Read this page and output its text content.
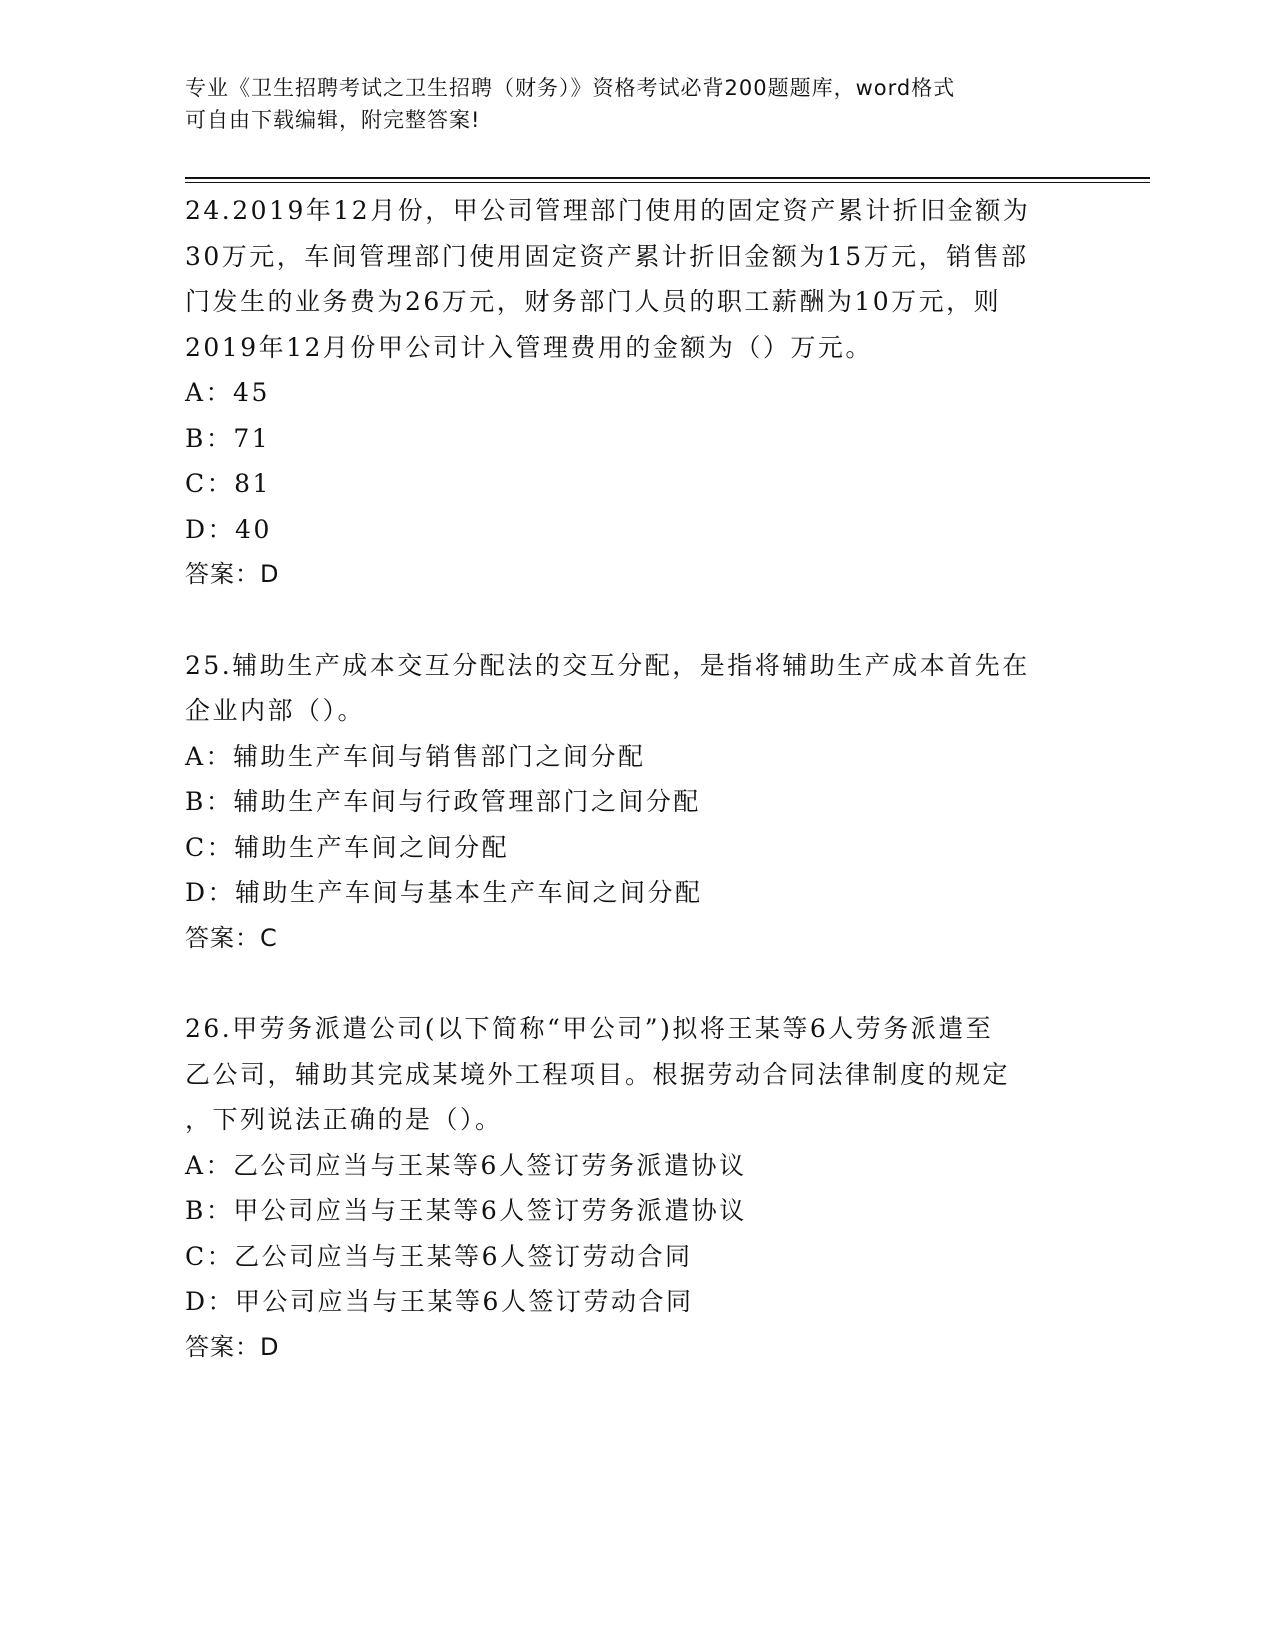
专业《卫生招聘考试之卫生招聘（财务）》资格考试必背200题题库，word格式
可自由下载编辑，附完整答案!

24.2019年12月份，甲公司管理部门使用的固定资产累计折旧金额为

30万元，车间管理部门使用固定资产累计折旧金额为15万元，销售部

门发生的业务费为26万元，财务部门人员的职工薪酬为10万元，则

2019年12月份甲公司计入管理费用的金额为（）万元。

A：45

B：71

C：81

D：40

答案：D

25.辅助生产成本交互分配法的交互分配，是指将辅助生产成本首先在

企业内部（）。

A：辅助生产车间与销售部门之间分配

B：辅助生产车间与行政管理部门之间分配

C：辅助生产车间之间分配

D：辅助生产车间与基本生产车间之间分配

答案：C

26.甲劳务派遣公司(以下简称“甲公司”)拟将王某等6人劳务派遣至

乙公司，辅助其完成某境外工程项目。根据劳动合同法律制度的规定

，下列说法正确的是（）。

A：乙公司应当与王某等6人签订劳务派遣协议

B：甲公司应当与王某等6人签订劳务派遣协议

C：乙公司应当与王某等6人签订劳动合同

D：甲公司应当与王某等6人签订劳动合同

答案：D
